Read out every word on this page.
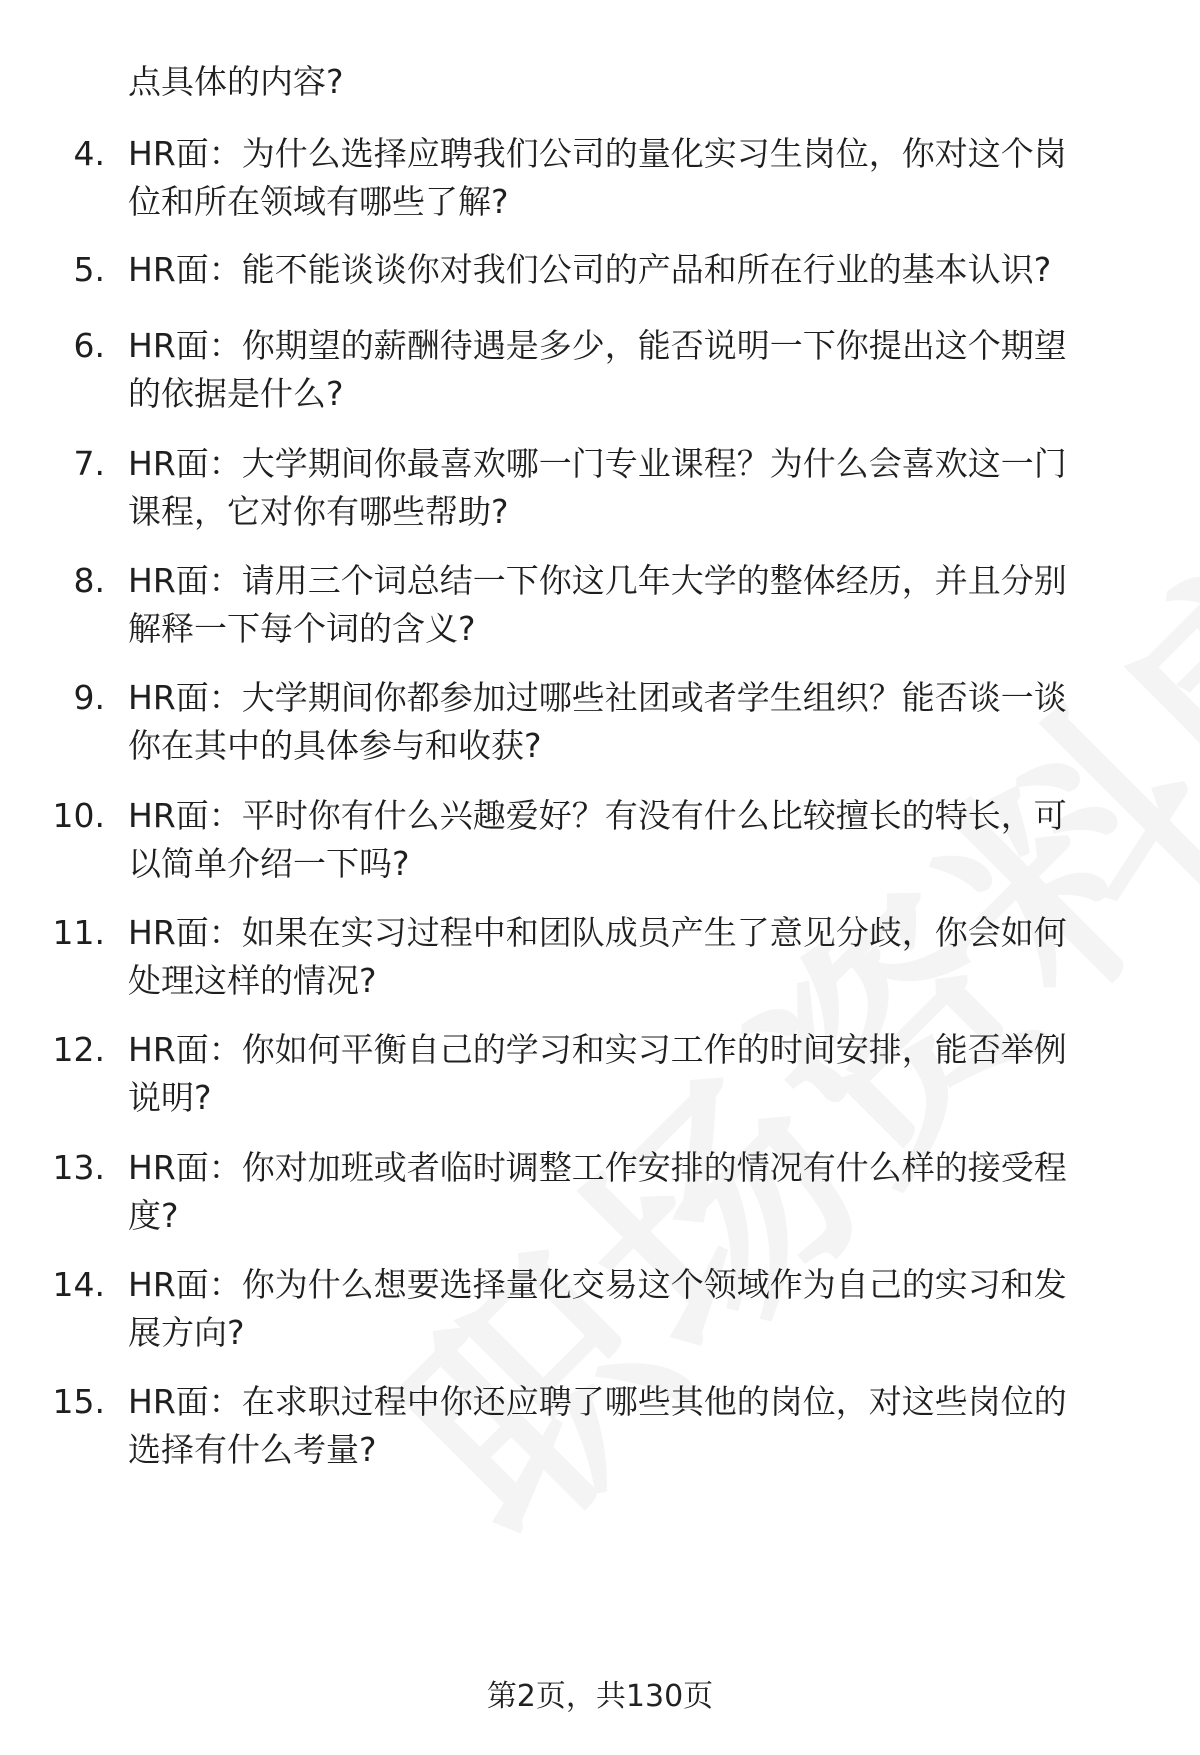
点具体的内容?
4. HR面：为什么选择应聘我们公司的量化实习生岗位，你对这个岗
位和所在领域有哪些了解?
5. HR面：能不能谈谈你对我们公司的产品和所在行业的基本认识?
6. HR面：你期望的薪酬待遇是多少，能否说明一下你提出这个期望
的依据是什么?
7. HR面：大学期间你最喜欢哪一门专业课程？为什么会喜欢这一门
课程，它对你有哪些帮助?
8. HR面：请用三个词总结一下你这几年大学的整体经历，并且分别
解释一下每个词的含义?
9. HR面：大学期间你都参加过哪些社团或者学生组织？能否谈一谈
你在其中的具体参与和收获?
10. HR面：平时你有什么兴趣爱好？有没有什么比较擅长的特长，可
以简单介绍一下吗?
11. HR面：如果在实习过程中和团队成员产生了意见分歧，你会如何
处理这样的情况?
12. HR面：你如何平衡自己的学习和实习工作的时间安排，能否举例
说明?
13. HR面：你对加班或者临时调整工作安排的情况有什么样的接受程
度?
14. HR面：你为什么想要选择量化交易这个领域作为自己的实习和发
展方向?
15. HR面：在求职过程中你还应聘了哪些其他的岗位，对这些岗位的
选择有什么考量?
第2页，共130页
